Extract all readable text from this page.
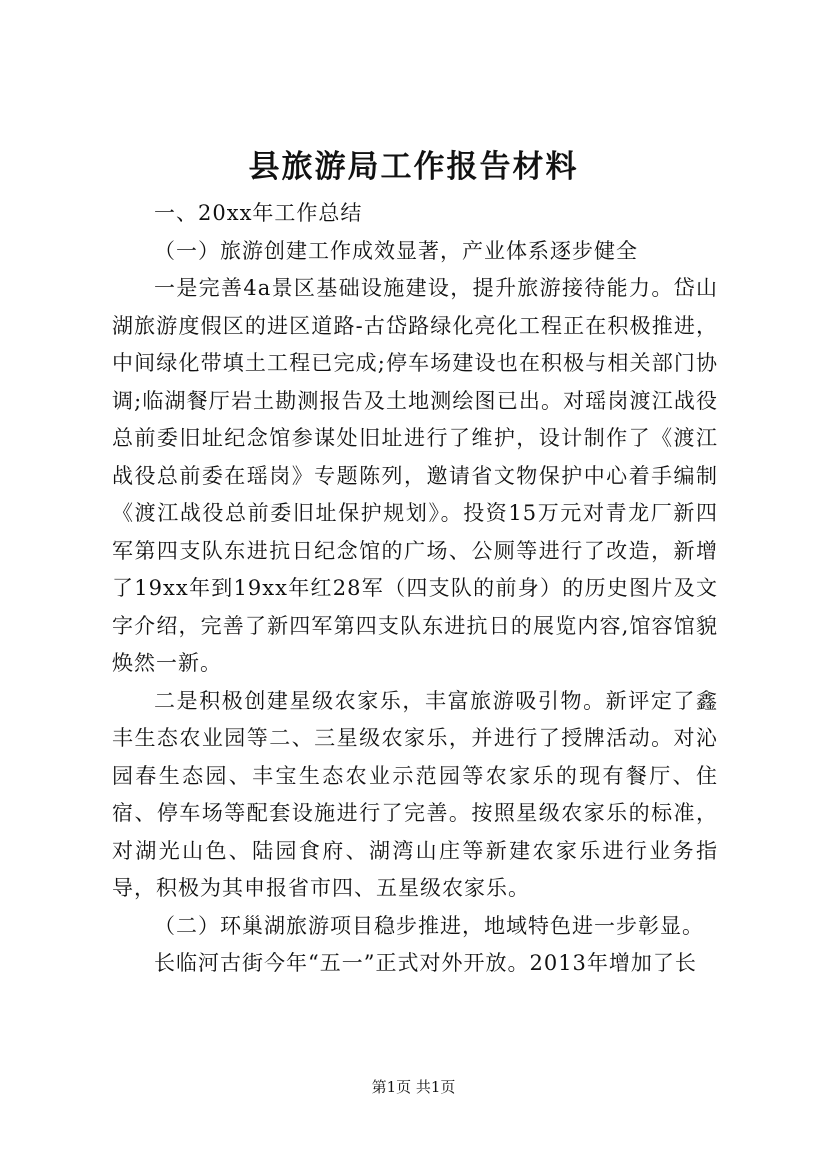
县旅游局工作报告材料

一、20xx年工作总结

（一）旅游创建工作成效显著，产业体系逐步健全

一是完善4a景区基础设施建设，提升旅游接待能力。岱山湖旅游度假区的进区道路-古岱路绿化亮化工程正在积极推进，中间绿化带填土工程已完成;停车场建设也在积极与相关部门协调;临湖餐厅岩土勘测报告及土地测绘图已出。对瑶岗渡江战役总前委旧址纪念馆参谋处旧址进行了维护，设计制作了《渡江战役总前委在瑶岗》专题陈列，邀请省文物保护中心着手编制《渡江战役总前委旧址保护规划》。投资15万元对青龙厂新四军第四支队东进抗日纪念馆的广场、公厕等进行了改造，新增了19xx年到19xx年红28军（四支队的前身）的历史图片及文字介绍，完善了新四军第四支队东进抗日的展览内容,馆容馆貌焕然一新。

二是积极创建星级农家乐，丰富旅游吸引物。新评定了鑫丰生态农业园等二、三星级农家乐，并进行了授牌活动。对沁园春生态园、丰宝生态农业示范园等农家乐的现有餐厅、住宿、停车场等配套设施进行了完善。按照星级农家乐的标准，对湖光山色、陆园食府、湖湾山庄等新建农家乐进行业务指导，积极为其申报省市四、五星级农家乐。

（二）环巢湖旅游项目稳步推进，地域特色进一步彰显。

长临河古街今年“五一”正式对外开放。2013年增加了长

第1页 共1页
